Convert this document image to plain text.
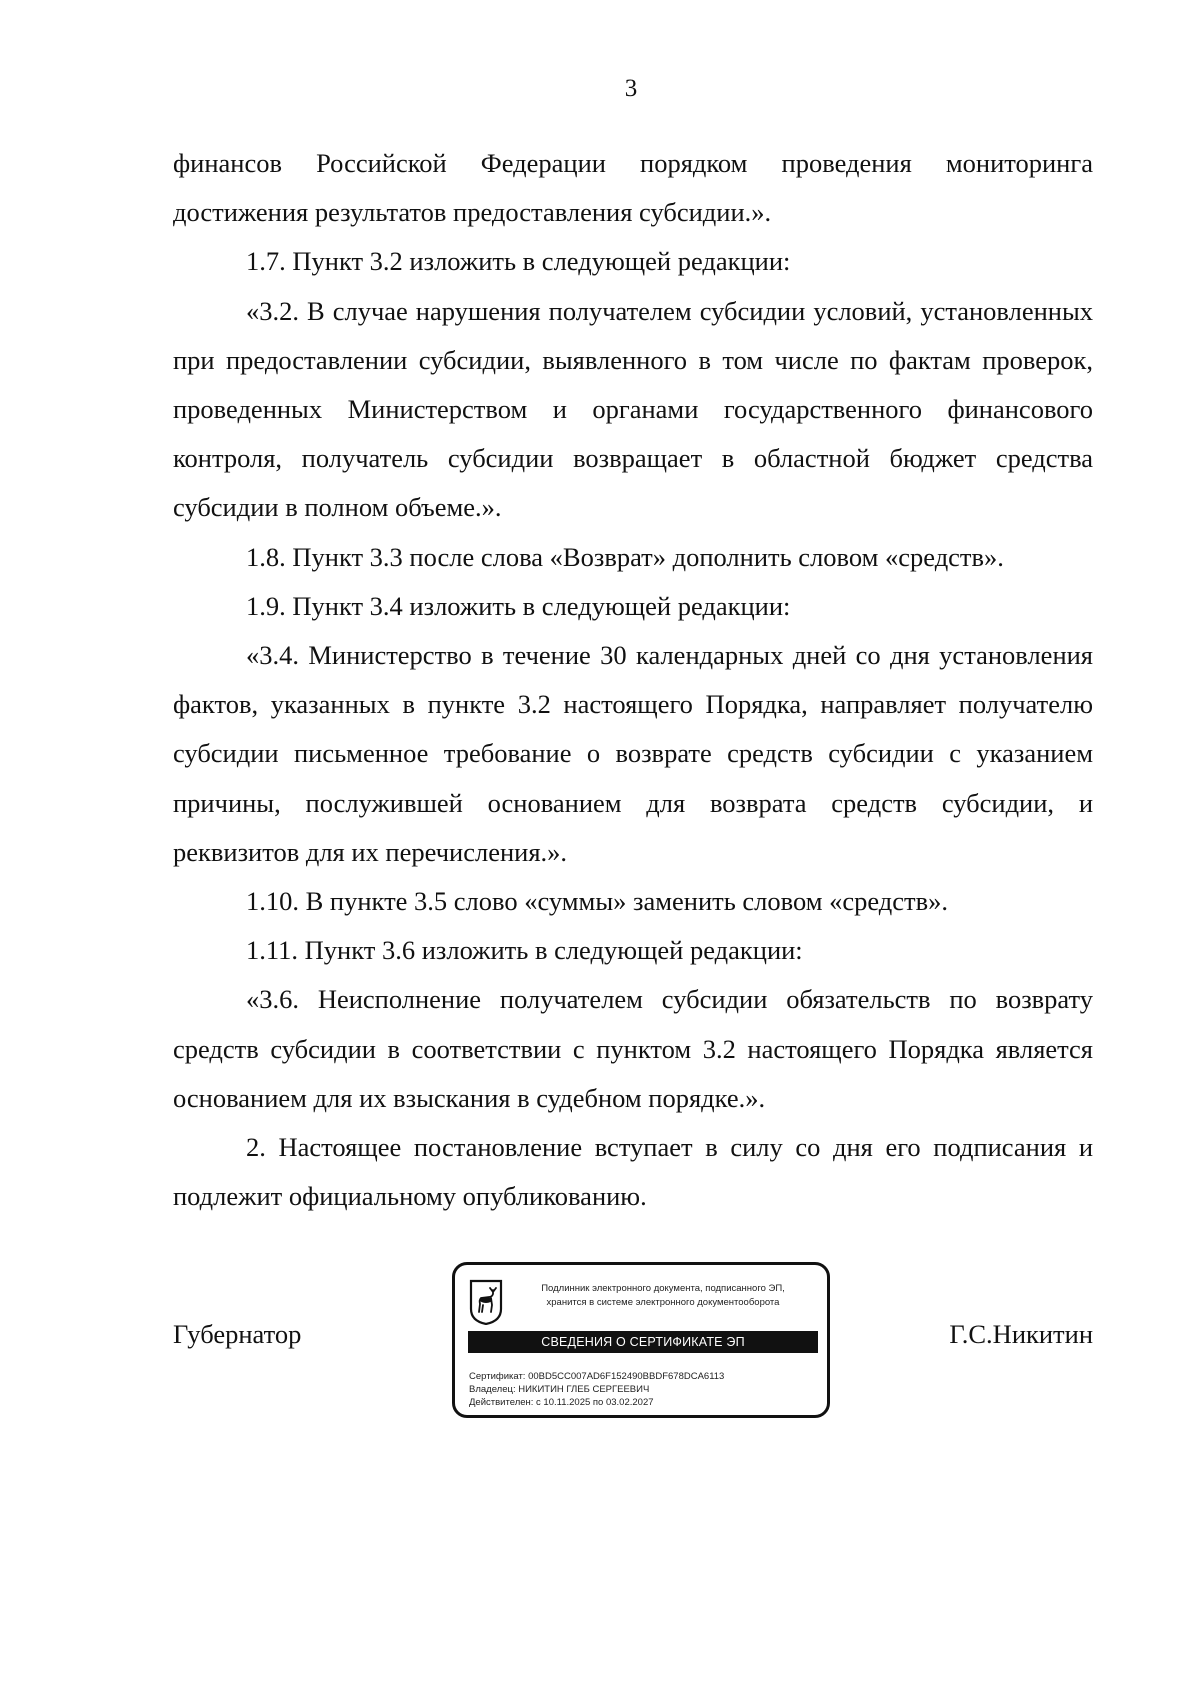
3

финансов Российской Федерации порядком проведения мониторинга достижения результатов предоставления субсидии.».

1.7. Пункт 3.2 изложить в следующей редакции:

«3.2. В случае нарушения получателем субсидии условий, установленных при предоставлении субсидии, выявленного в том числе по фактам проверок, проведенных Министерством и органами государственного финансового контроля, получатель субсидии возвращает в областной бюджет средства субсидии в полном объеме.».

1.8. Пункт 3.3 после слова «Возврат» дополнить словом «средств».

1.9. Пункт 3.4 изложить в следующей редакции:

«3.4. Министерство в течение 30 календарных дней со дня установления фактов, указанных в пункте 3.2 настоящего Порядка, направляет получателю субсидии письменное требование о возврате средств субсидии с указанием причины, послужившей основанием для возврата средств субсидии, и реквизитов для их перечисления.».

1.10. В пункте 3.5 слово «суммы» заменить словом «средств».

1.11. Пункт 3.6 изложить в следующей редакции:

«3.6. Неисполнение получателем субсидии обязательств по возврату средств субсидии в соответствии с пунктом 3.2 настоящего Порядка является основанием для их взыскания в судебном порядке.».

2. Настоящее постановление вступает в силу со дня его подписания и подлежит официальному опубликованию.

Губернатор
Подлинник электронного документа, подписанного ЭП,
хранится в системе электронного документооборота
СВЕДЕНИЯ О СЕРТИФИКАТЕ ЭП
Сертификат: 00BD5CC007AD6F152490BBDF678DCA6113
Владелец: НИКИТИН ГЛЕБ СЕРГЕЕВИЧ
Действителен: с 10.11.2025 по 03.02.2027
Г.С.Никитин
